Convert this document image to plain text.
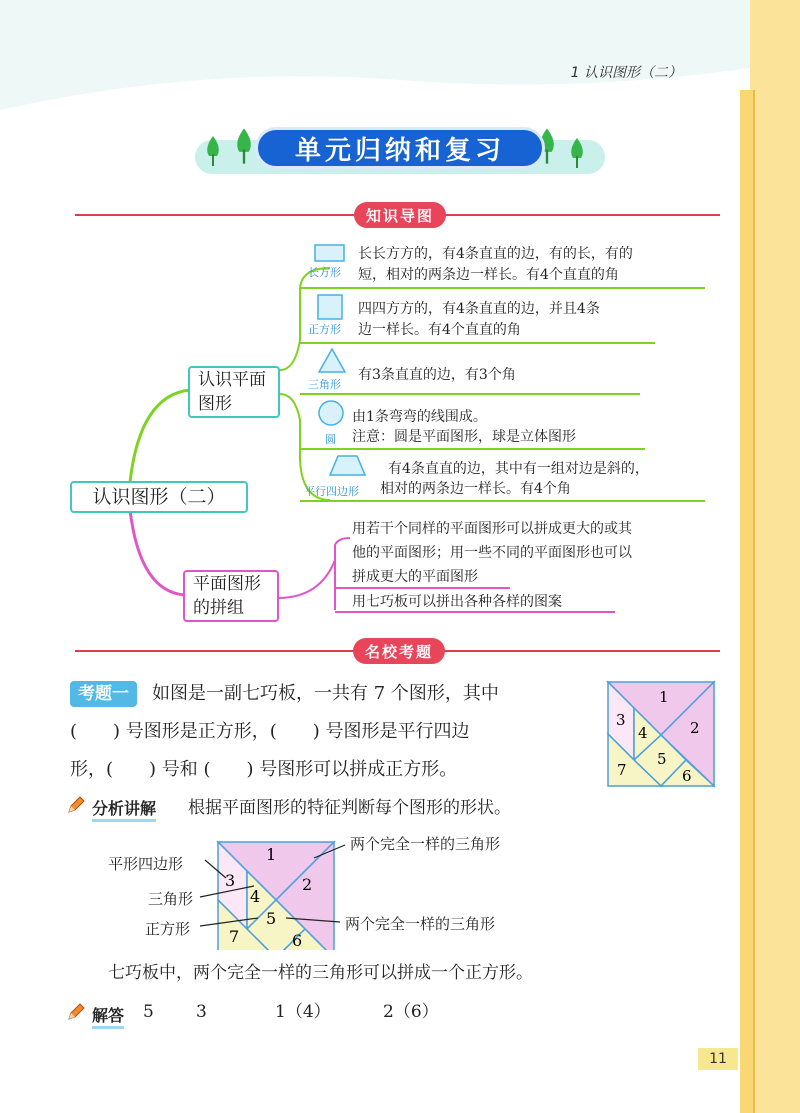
1 认识图形（二）
单元归纳和复习
知识导图
认识图形（二）
认识平面图形
平面图形的拼组
长方形
正方形
三角形
圆
平行四边形
长长方方的，有4条直直的边，有的长，有的
短，相对的两条边一样长。有4个直直的角
四四方方的，有4条直直的边，并且4条
边一样长。有4个直直的角
有3条直直的边，有3个角
由1条弯弯的线围成。
注意：圆是平面图形，球是立体图形
有4条直直的边，其中有一组对边是斜的，
相对的两条边一样长。有4个角
用若干个同样的平面图形可以拼成更大的或其
他的平面图形；用一些不同的平面图形也可以
拼成更大的平面图形
用七巧板可以拼出各种各样的图案
名校考题
考题一	如图是一副七巧板，一共有 7 个图形，其中
(　　) 号图形是正方形，(　　) 号图形是平行四边
形，(　　) 号和 (　　) 号图形可以拼成正方形。
1
2
3
4
5
6
7
分析讲解 根据平面图形的特征判断每个图形的形状。
1
2
3
4
5
6
7
平形四边形
三角形
正方形
两个完全一样的三角形
两个完全一样的三角形
七巧板中，两个完全一样的三角形可以拼成一个正方形。
解答 5 3	1（4）	2（6）
11
